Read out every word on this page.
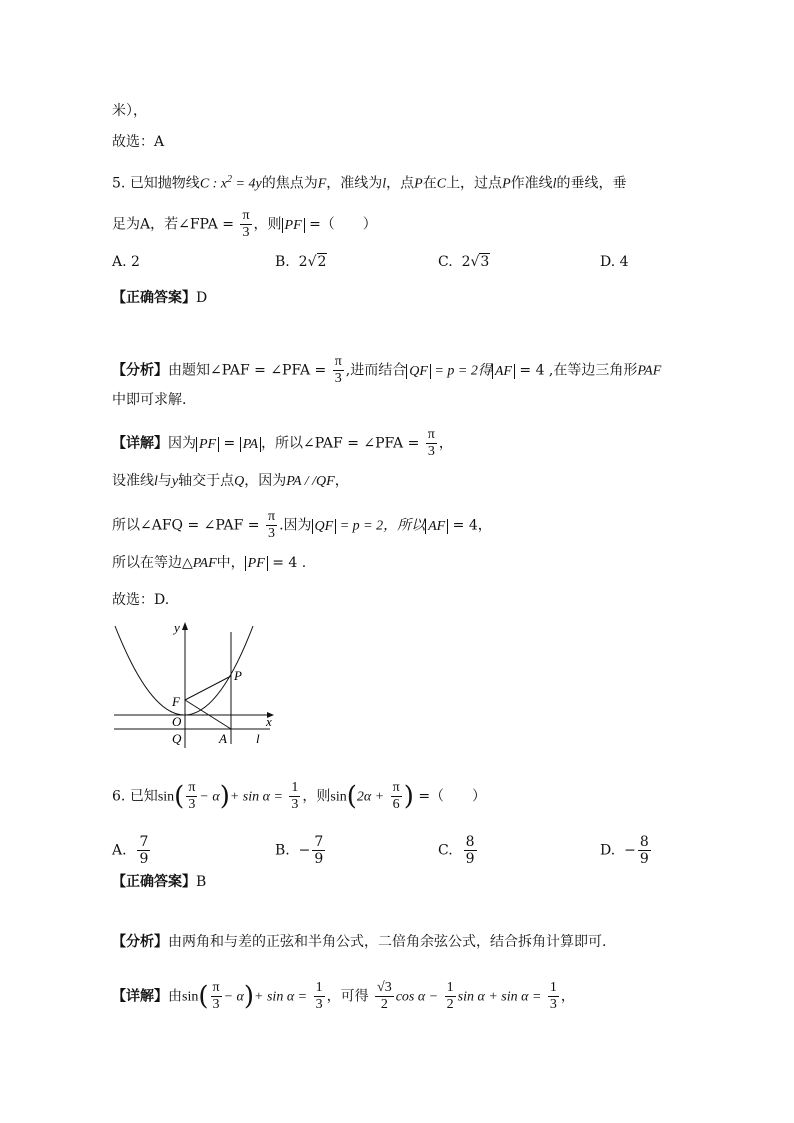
米），
故选：A
5. 已知抛物线C : $x^2 = 4y$的焦点为F，准线为l，点P在C上，过点P作准线l的垂线，垂
足为A，若∠FPA = $\frac{\pi}{3}$ ，则 PF =（　　）
A. 2	B. 2√2	C. 2√3	D. 4
【正确答案】D
【分析】由题知∠PAF = ∠PFA = $\frac{\pi}{3}$ ,进而结合 QF = p = 2得 AF = 4 ,在等边三角形PAF
中即可求解.
【详解】因为 PF = PA ，所以∠PAF = ∠PFA = $\frac{\pi}{3}$ ，
设准线l与y轴交于点Q，因为PA / /QF，
所以∠AFQ = ∠PAF = $\frac{\pi}{3}$ .因为 QF = p = 2，所以 AF = 4，
所以在等边△PAF中， PF = 4 .
故选：D.
y
x
F
P
O
Q	A l
6. 已知$\sin( \frac{\pi}{3} - \alpha)+ \sin \alpha = \frac{1}{3}$ ，则$\sin(2\alpha + \frac{\pi}{6}$ ) =（　　）
A. $\frac{7}{9}$	B. − $\frac{7}{9}$	C. $\frac{8}{9}$	D. − $\frac{8}{9}$
【正确答案】B
【分析】由两角和与差的正弦和半角公式，二倍角余弦公式，结合拆角计算即可.
【详解】由$\sin( \frac{\pi}{3} - \alpha)+ \sin \alpha = \frac{1}{3}$ ，可得 $\frac{√3}{2}$ $\cos \alpha - \frac{1}{2}$ $\sin \alpha + \sin \alpha = \frac{1}{3}$ ，
